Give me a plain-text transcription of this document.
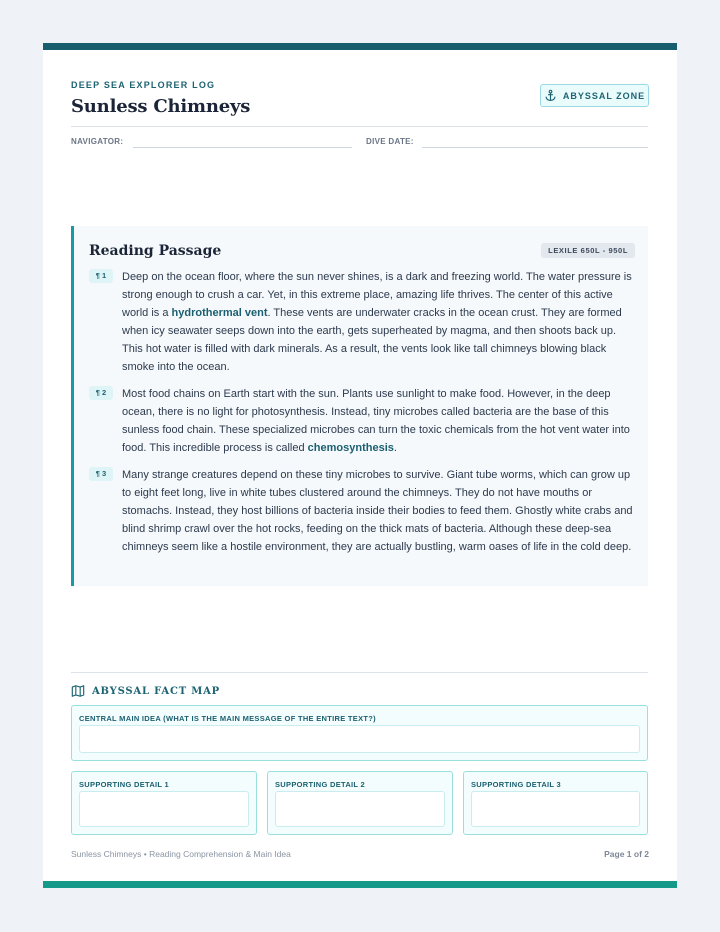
DEEP SEA EXPLORER LOG
Sunless Chimneys
ABYSSAL ZONE
NAVIGATOR:	DIVE DATE:
Reading Passage	LEXILE 650L - 950L
¶ 1	Deep on the ocean floor, where the sun never shines, is a dark and freezing world. The water pressure is strong enough to crush a car. Yet, in this extreme place, amazing life thrives. The center of this active world is a hydrothermal vent. These vents are underwater cracks in the ocean crust. They are formed when icy seawater seeps down into the earth, gets superheated by magma, and then shoots back up. This hot water is filled with dark minerals. As a result, the vents look like tall chimneys blowing black smoke into the ocean.

¶ 2	Most food chains on Earth start with the sun. Plants use sunlight to make food. However, in the deep ocean, there is no light for photosynthesis. Instead, tiny microbes called bacteria are the base of this sunless food chain. These specialized microbes can turn the toxic chemicals from the hot vent water into food. This incredible process is called chemosynthesis.

¶ 3	Many strange creatures depend on these tiny microbes to survive. Giant tube worms, which can grow up to eight feet long, live in white tubes clustered around the chimneys. They do not have mouths or stomachs. Instead, they host billions of bacteria inside their bodies to feed them. Ghostly white crabs and blind shrimp crawl over the hot rocks, feeding on the thick mats of bacteria. Although these deep-sea chimneys seem like a hostile environment, they are actually bustling, warm oases of life in the cold deep.

ABYSSAL FACT MAP
CENTRAL MAIN IDEA (WHAT IS THE MAIN MESSAGE OF THE ENTIRE TEXT?)
SUPPORTING DETAIL 1	SUPPORTING DETAIL 2	SUPPORTING DETAIL 3
Sunless Chimneys • Reading Comprehension & Main Idea	Page 1 of 2
